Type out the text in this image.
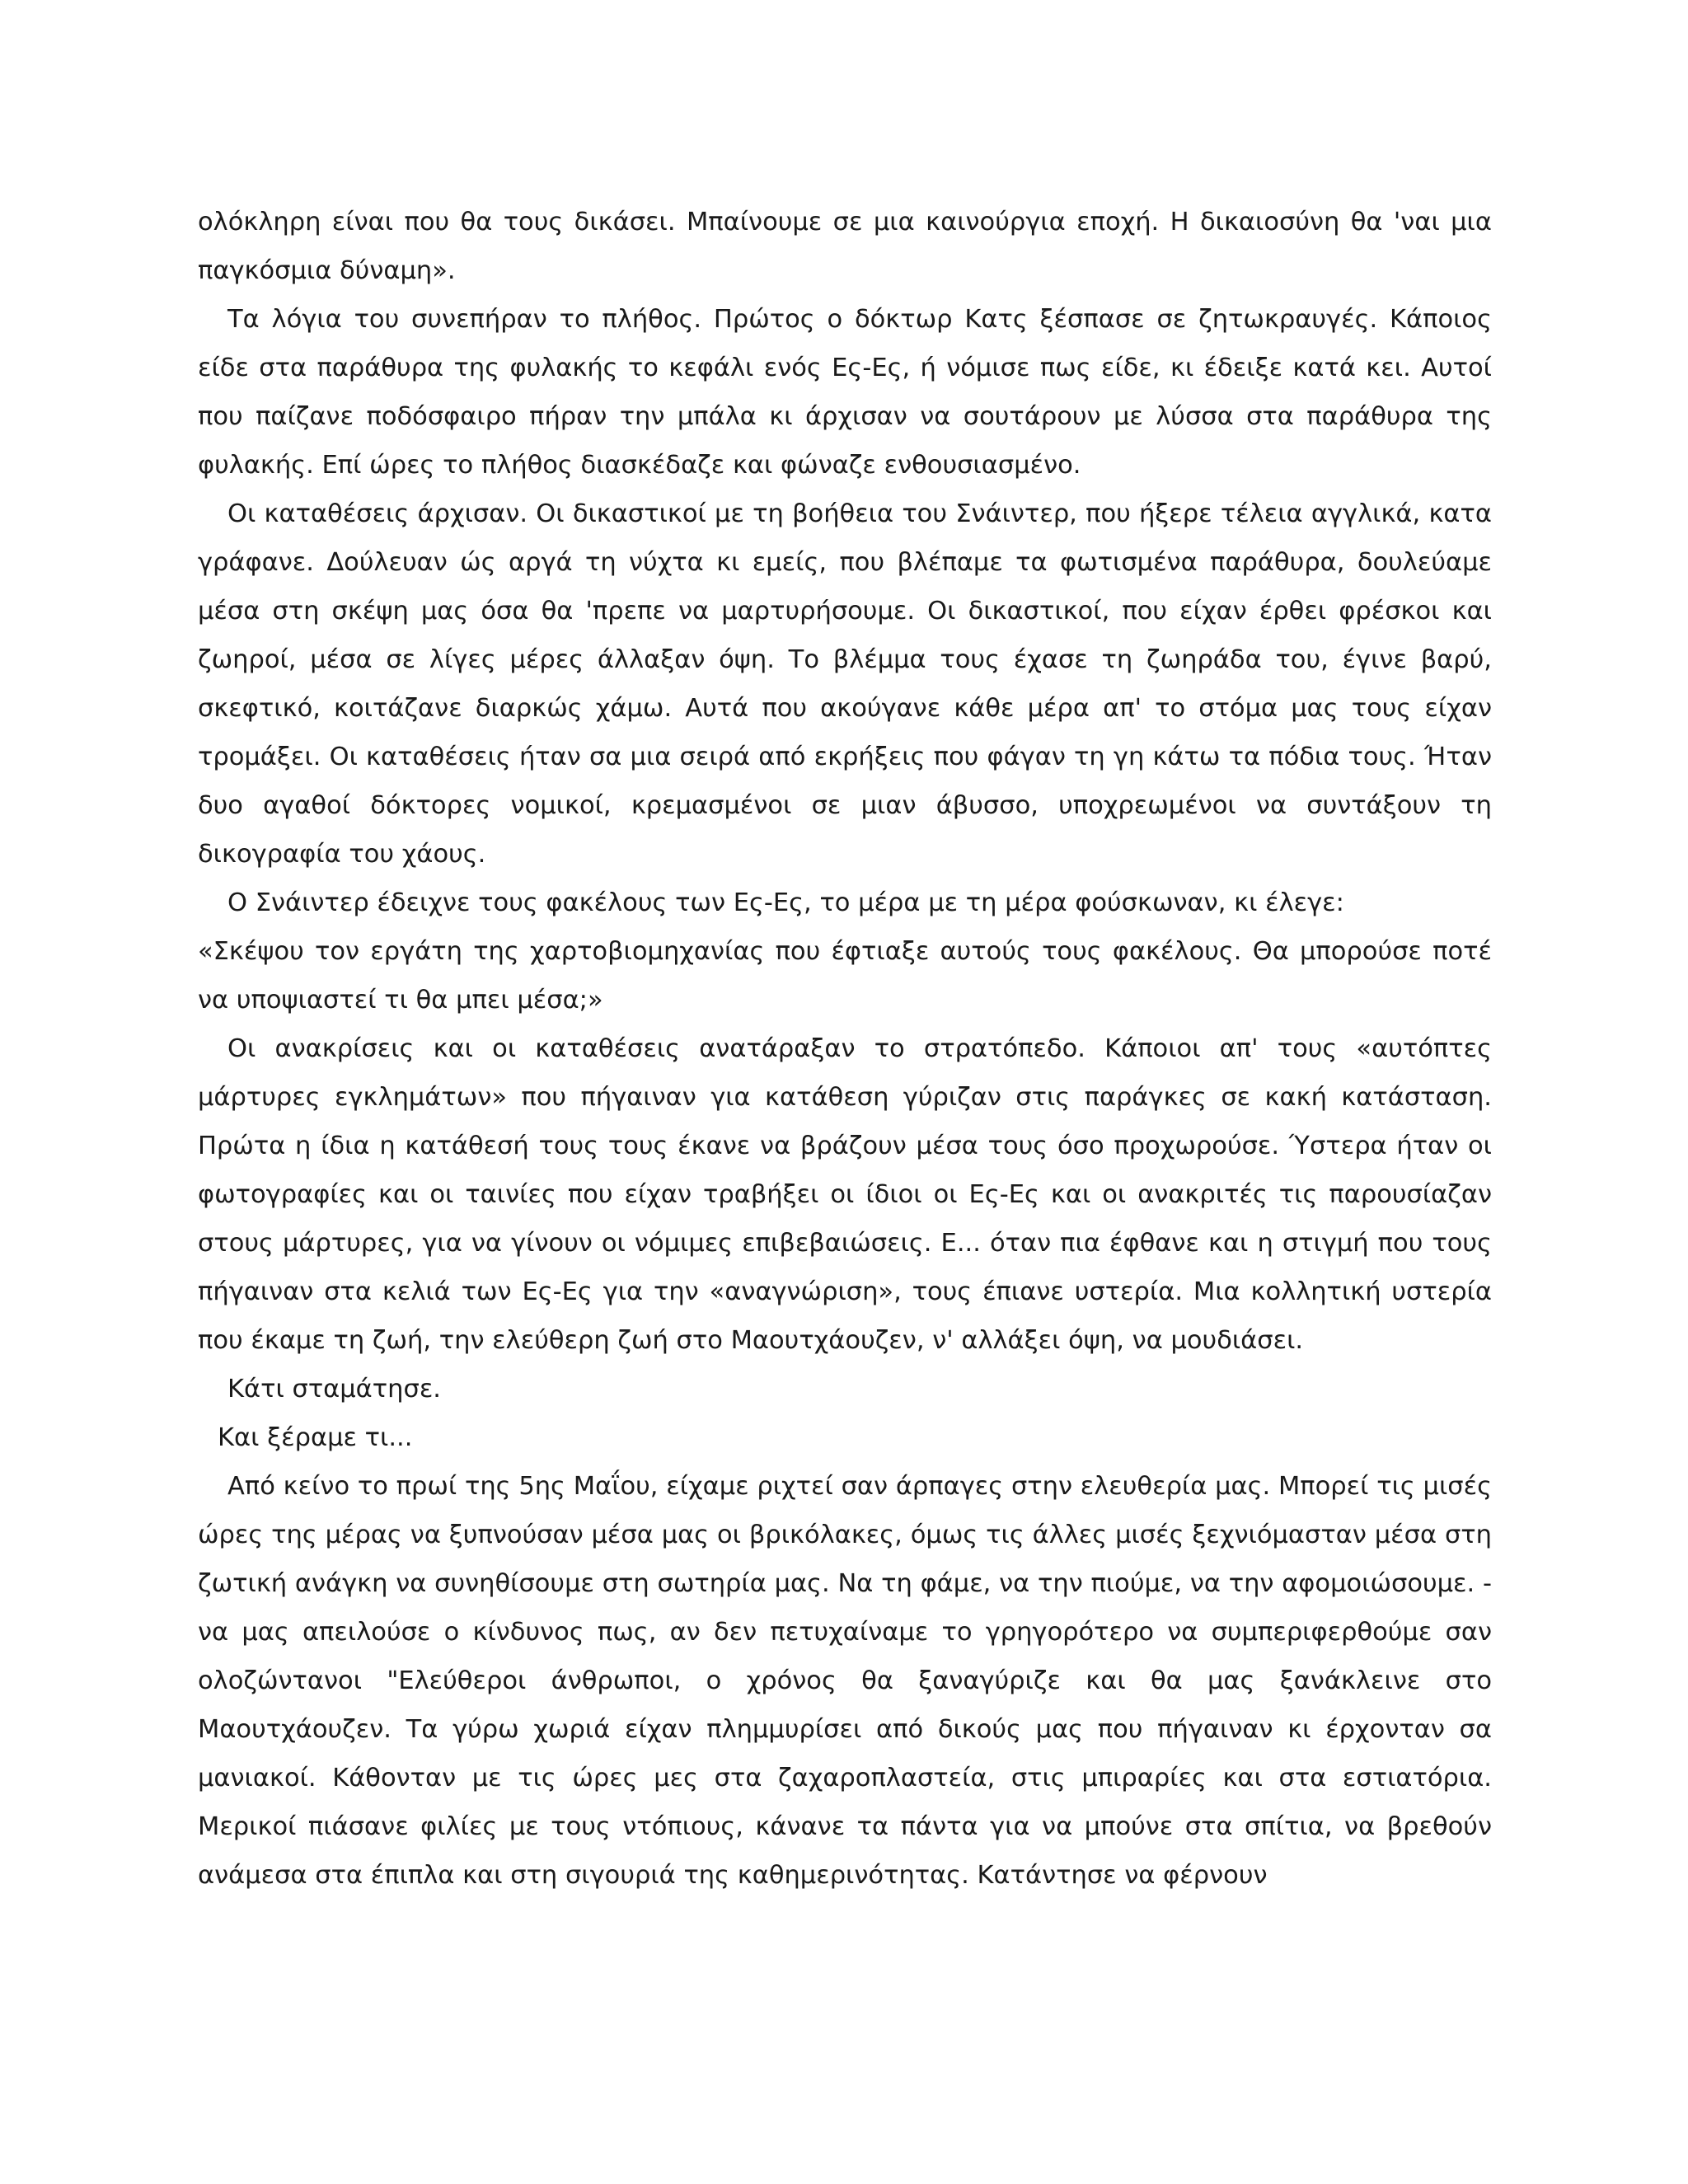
ολόκληρη είναι που θα τους δικάσει. Μπαίνουμε σε μια καινούργια εποχή. Η δικαιοσύνη θα 'ναι μια παγκόσμια δύναμη».

Τα λόγια του συνεπήραν το πλήθος. Πρώτος ο δόκτωρ Κατς ξέσπασε σε ζητωκραυγές. Κάποιος είδε στα παράθυρα της φυλακής το κεφάλι ενός Ες-Ες, ή νόμισε πως είδε, κι έδειξε κατά κει. Αυτοί που παίζανε ποδόσφαιρο πήραν την μπάλα κι άρχισαν να σουτάρουν με λύσσα στα παράθυρα της φυλακής. Επί ώρες το πλήθος διασκέδαζε και φώναζε ενθουσιασμένο.

Οι καταθέσεις άρχισαν. Οι δικαστικοί με τη βοήθεια του Σνάιντερ, που ήξερε τέλεια αγγλικά, κατα γράφανε. Δούλευαν ώς αργά τη νύχτα κι εμείς, που βλέπαμε τα φωτισμένα παράθυρα, δουλεύαμε μέσα στη σκέψη μας όσα θα 'πρεπε να μαρτυρήσουμε. Οι δικαστικοί, που είχαν έρθει φρέσκοι και ζωηροί, μέσα σε λίγες μέρες άλλαξαν όψη. Το βλέμμα τους έχασε τη ζωηράδα του, έγινε βαρύ, σκεφτικό, κοιτάζανε διαρκώς χάμω. Αυτά που ακούγανε κάθε μέρα απ' το στόμα μας τους είχαν τρομάξει. Οι καταθέσεις ήταν σα μια σειρά από εκρήξεις που φάγαν τη γη κάτω τα πόδια τους. Ήταν δυο αγαθοί δόκτορες νομικοί, κρεμασμένοι σε μιαν άβυσσο, υποχρεωμένοι να συντάξουν τη δικογραφία του χάους.

Ο Σνάιντερ έδειχνε τους φακέλους των Ες-Ες, το μέρα με τη μέρα φούσκωναν, κι έλεγε:

«Σκέψου τον εργάτη της χαρτοβιομηχανίας που έφτιαξε αυτούς τους φακέλους. Θα μπορούσε ποτέ να υποψιαστεί τι θα μπει μέσα;»

Οι ανακρίσεις και οι καταθέσεις ανατάραξαν το στρατόπεδο. Κάποιοι απ' τους «αυτόπτες μάρτυρες εγκλημάτων» που πήγαιναν για κατάθεση γύριζαν στις παράγκες σε κακή κατάσταση. Πρώτα η ίδια η κατάθεσή τους τους έκανε να βράζουν μέσα τους όσο προχωρούσε. Ύστερα ήταν οι φωτογραφίες και οι ταινίες που είχαν τραβήξει οι ίδιοι οι Ες-Ες και οι ανακριτές τις παρουσίαζαν στους μάρτυρες, για να γίνουν οι νόμιμες επιβεβαιώσεις. Ε... όταν πια έφθανε και η στιγμή που τους πήγαιναν στα κελιά των Ες-Ες για την «αναγνώριση», τους έπιανε υστερία. Μια κολλητική υστερία που έκαμε τη ζωή, την ελεύθερη ζωή στο Μαουτχάουζεν, ν' αλλάξει όψη, να μουδιάσει.

Κάτι σταμάτησε.

Και ξέραμε τι...

Από κείνο το πρωί της 5ης Μαΐου, είχαμε ριχτεί σαν άρπαγες στην ελευθερία μας. Μπορεί τις μισές ώρες της μέρας να ξυπνούσαν μέσα μας οι βρικόλακες, όμως τις άλλες μισές ξεχνιόμασταν μέσα στη ζωτική ανάγκη να συνηθίσουμε στη σωτηρία μας. Να τη φάμε, να την πιούμε, να την αφομοιώσουμε. - να μας απειλούσε ο κίνδυνος πως, αν δεν πετυχαίναμε το γρηγορότερο να συμπεριφερθούμε σαν ολοζώντανοι "Ελεύθεροι άνθρωποι, ο χρόνος θα ξαναγύριζε και θα μας ξανάκλεινε στο Μαουτχάουζεν. Τα γύρω χωριά είχαν πλημμυρίσει από δικούς μας που πήγαιναν κι έρχονταν σα μανιακοί. Κάθονταν με τις ώρες μες στα ζαχαροπλαστεία, στις μπιραρίες και στα εστιατόρια. Μερικοί πιάσανε φιλίες με τους ντόπιους, κάνανε τα πάντα για να μπούνε στα σπίτια, να βρεθούν ανάμεσα στα έπιπλα και στη σιγουριά της καθημερινότητας. Κατάντησε να φέρνουν
